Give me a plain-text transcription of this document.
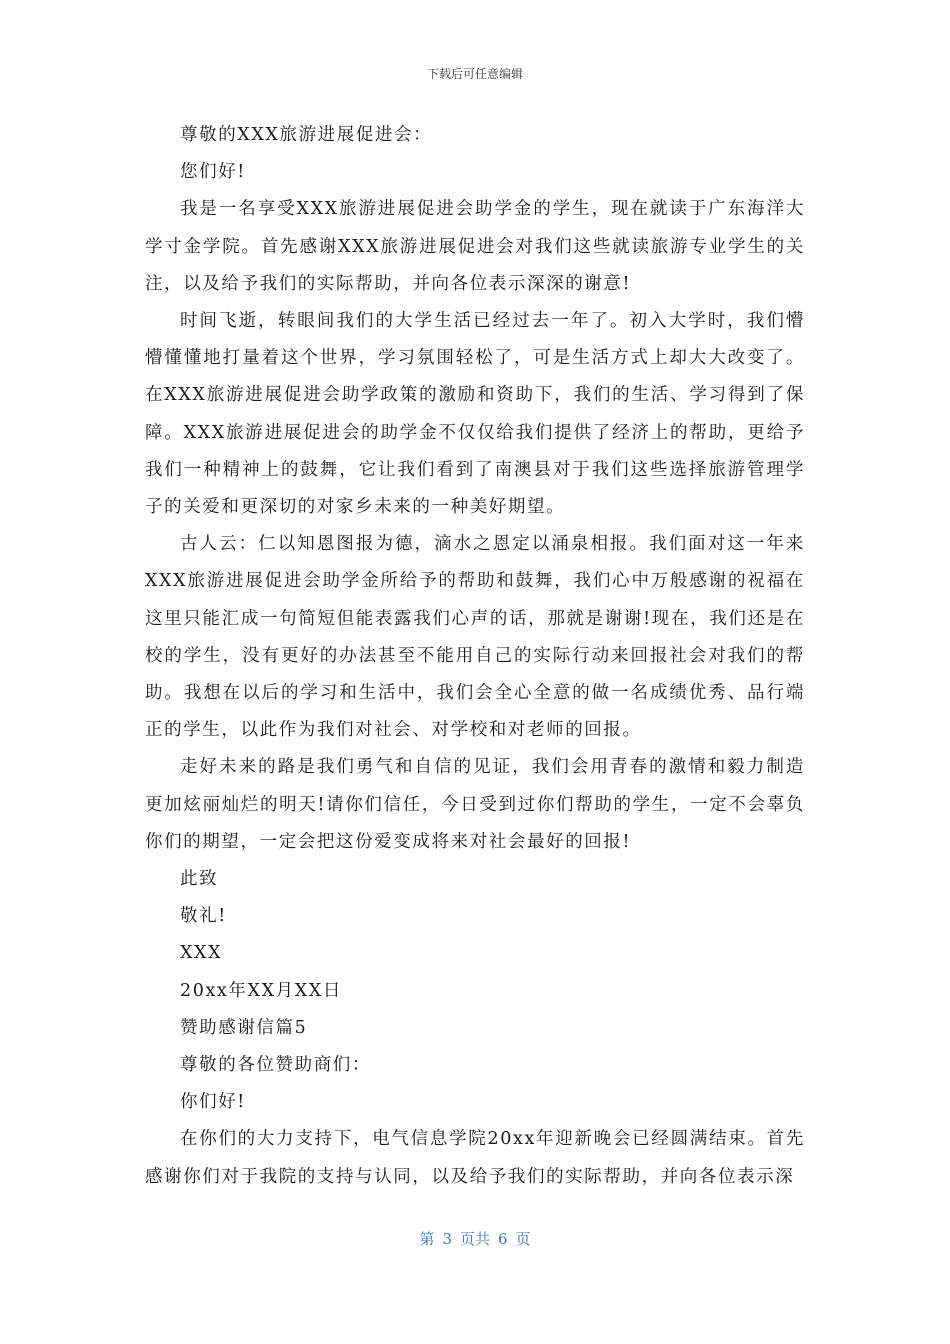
下载后可任意编辑

尊敬的XXX旅游进展促进会：

您们好!

我是一名享受XXX旅游进展促进会助学金的学生，现在就读于广东海洋大学寸金学院。首先感谢XXX旅游进展促进会对我们这些就读旅游专业学生的关注，以及给予我们的实际帮助，并向各位表示深深的谢意!

时间飞逝，转眼间我们的大学生活已经过去一年了。初入大学时，我们懵懵懂懂地打量着这个世界，学习氛围轻松了，可是生活方式上却大大改变了。在XXX旅游进展促进会助学政策的激励和资助下，我们的生活、学习得到了保障。XXX旅游进展促进会的助学金不仅仅给我们提供了经济上的帮助，更给予我们一种精神上的鼓舞，它让我们看到了南澳县对于我们这些选择旅游管理学子的关爱和更深切的对家乡未来的一种美好期望。

古人云：仁以知恩图报为德，滴水之恩定以涌泉相报。我们面对这一年来XXX旅游进展促进会助学金所给予的帮助和鼓舞，我们心中万般感谢的祝福在这里只能汇成一句简短但能表露我们心声的话，那就是谢谢!现在，我们还是在校的学生，没有更好的办法甚至不能用自己的实际行动来回报社会对我们的帮助。我想在以后的学习和生活中，我们会全心全意的做一名成绩优秀、品行端正的学生，以此作为我们对社会、对学校和对老师的回报。

走好未来的路是我们勇气和自信的见证，我们会用青春的激情和毅力制造更加炫丽灿烂的明天!请你们信任，今日受到过你们帮助的学生，一定不会辜负你们的期望，一定会把这份爱变成将来对社会最好的回报!

此致

敬礼!

XXX

20xx年XX月XX日

赞助感谢信篇5

尊敬的各位赞助商们：

你们好!

在你们的大力支持下，电气信息学院20xx年迎新晚会已经圆满结束。首先感谢你们对于我院的支持与认同，以及给予我们的实际帮助，并向各位表示深

第 3 页共 6 页
